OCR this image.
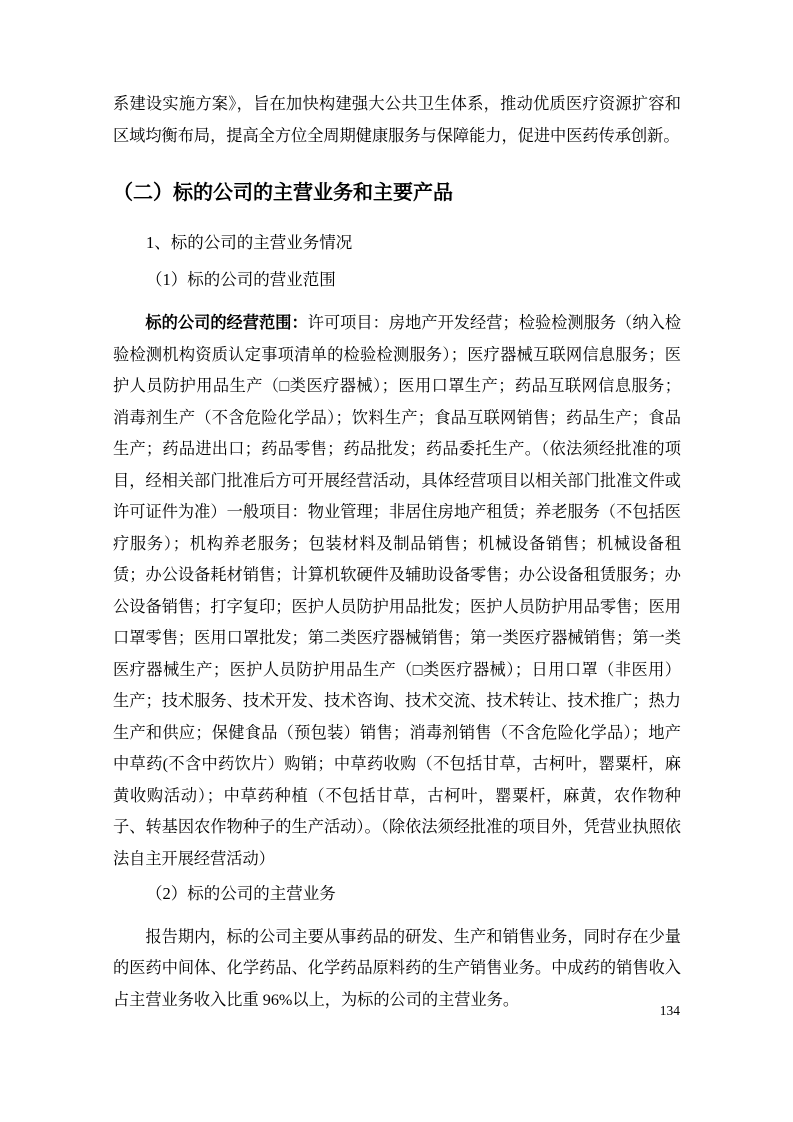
系建设实施方案》，旨在加快构建强大公共卫生体系，推动优质医疗资源扩容和区域均衡布局，提高全方位全周期健康服务与保障能力，促进中医药传承创新。

（二）标的公司的主营业务和主要产品

1、标的公司的主营业务情况

（1）标的公司的营业范围

标的公司的经营范围：许可项目：房地产开发经营；检验检测服务（纳入检验检测机构资质认定事项清单的检验检测服务）；医疗器械互联网信息服务；医护人员防护用品生产（□类医疗器械）；医用口罩生产；药品互联网信息服务；消毒剂生产（不含危险化学品）；饮料生产；食品互联网销售；药品生产；食品生产；药品进出口；药品零售；药品批发；药品委托生产。（依法须经批准的项目，经相关部门批准后方可开展经营活动，具体经营项目以相关部门批准文件或许可证件为准）一般项目：物业管理；非居住房地产租赁；养老服务（不包括医疗服务）；机构养老服务；包装材料及制品销售；机械设备销售；机械设备租赁；办公设备耗材销售；计算机软硬件及辅助设备零售；办公设备租赁服务；办公设备销售；打字复印；医护人员防护用品批发；医护人员防护用品零售；医用口罩零售；医用口罩批发；第二类医疗器械销售；第一类医疗器械销售；第一类医疗器械生产；医护人员防护用品生产（□类医疗器械）；日用口罩（非医用）生产；技术服务、技术开发、技术咨询、技术交流、技术转让、技术推广；热力生产和供应；保健食品（预包装）销售；消毒剂销售（不含危险化学品）；地产中草药(不含中药饮片）购销；中草药收购（不包括甘草，古柯叶，罂粟杆，麻黄收购活动）；中草药种植（不包括甘草，古柯叶，罂粟杆，麻黄，农作物种子、转基因农作物种子的生产活动）。（除依法须经批准的项目外，凭营业执照依法自主开展经营活动）

（2）标的公司的主营业务

报告期内，标的公司主要从事药品的研发、生产和销售业务，同时存在少量的医药中间体、化学药品、化学药品原料药的生产销售业务。中成药的销售收入占主营业务收入比重 96%以上，为标的公司的主营业务。

134
